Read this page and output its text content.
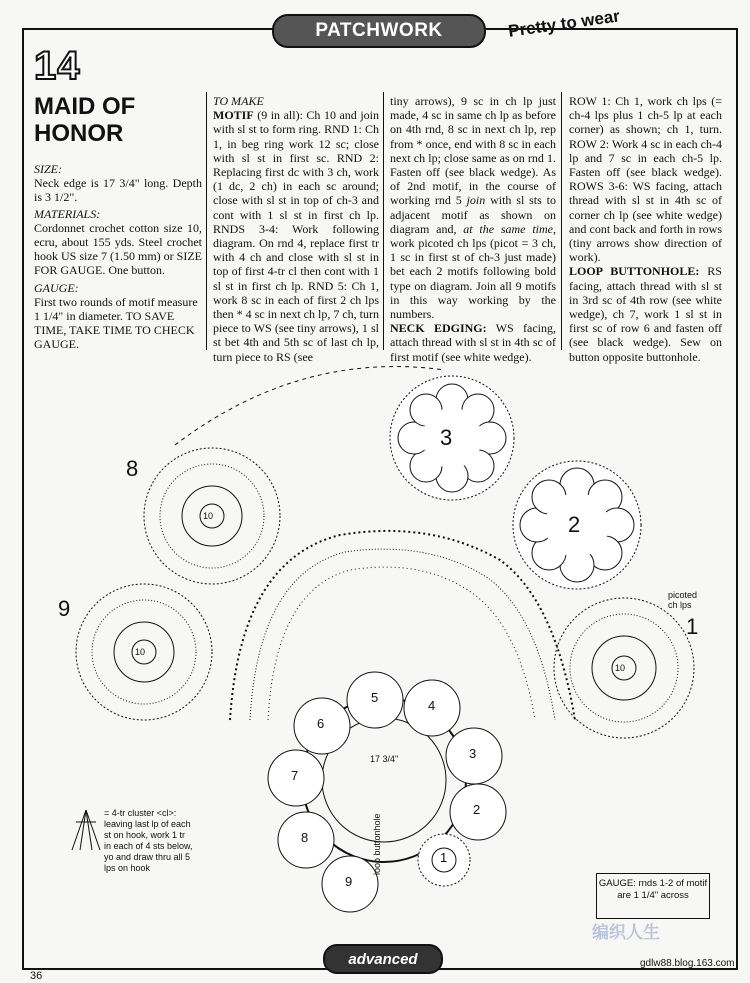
PATCHWORK	Pretty to wear
14
MAID OF HONOR

SIZE:

Neck edge is 17 3/4" long. Depth is 3 1/2".

MATERIALS:

Cordonnet crochet cotton size 10, ecru, about 155 yds. Steel crochet hook US size 7 (1.50 mm) or SIZE FOR GAUGE. One button.

GAUGE:

First two rounds of motif measure 1 1/4" in diameter. TO SAVE TIME, TAKE TIME TO CHECK GAUGE.

TO MAKE

MOTIF (9 in all): Ch 10 and join with sl st to form ring. RND 1: Ch 1, in beg ring work 12 sc; close with sl st in first sc. RND 2: Replacing first dc with 3 ch, work (1 dc, 2 ch) in each sc around; close with sl st in top of ch-3 and cont with 1 sl st in first ch lp. RNDS 3-4: Work following diagram. On rnd 4, replace first tr with 4 ch and close with sl st in top of first 4-tr cl then cont with 1 sl st in first ch lp. RND 5: Ch 1, work 8 sc in each of first 2 ch lps then * 4 sc in next ch lp, 7 ch, turn piece to WS (see tiny arrows), 1 sl st bet 4th and 5th sc of last ch lp, turn piece to RS (see

tiny arrows), 9 sc in ch lp just made, 4 sc in same ch lp as before on 4th rnd, 8 sc in next ch lp, rep from * once, end with 8 sc in each next ch lp; close same as on rnd 1. Fasten off (see black wedge). As of 2nd motif, in the course of working rnd 5 join with sl sts to adjacent motif as shown on diagram and, at the same time, work picoted ch lps (picot = 3 ch, 1 sc in first st of ch-3 just made) bet each 2 motifs following bold type on diagram. Join all 9 motifs in this way working by the numbers.

NECK EDGING: WS facing, attach thread with sl st in 4th sc of first motif (see white wedge).

ROW 1: Ch 1, work ch lps (= ch-4 lps plus 1 ch-5 lp at each corner) as shown; ch 1, turn. ROW 2: Work 4 sc in each ch-4 lp and 7 sc in each ch-5 lp. Fasten off (see black wedge). ROWS 3-6: WS facing, attach thread with sl st in 4th sc of corner ch lp (see white wedge) and cont back and forth in rows (tiny arrows show direction of work).

LOOP BUTTONHOLE: RS facing, attach thread with sl st in 3rd sc of 4th row (see white wedge), ch 7, work 1 sl st in first sc of row 6 and fasten off (see black wedge). Sew on button opposite buttonhole.

3
2
8
9
1
10
10
10
picoted ch lps
1
2
3
4
5
6
7
8
9
17 3/4"
loop buttonhole
= 4-tr cluster <cl>: leaving last lp of each st on hook, work 1 tr in each of 4 sts below, yo and draw thru all 5 lps on hook
GAUGE: rnds 1-2 of motif are 1 1/4" across
编织人生
36
advanced	gdlw88.blog.163.com
